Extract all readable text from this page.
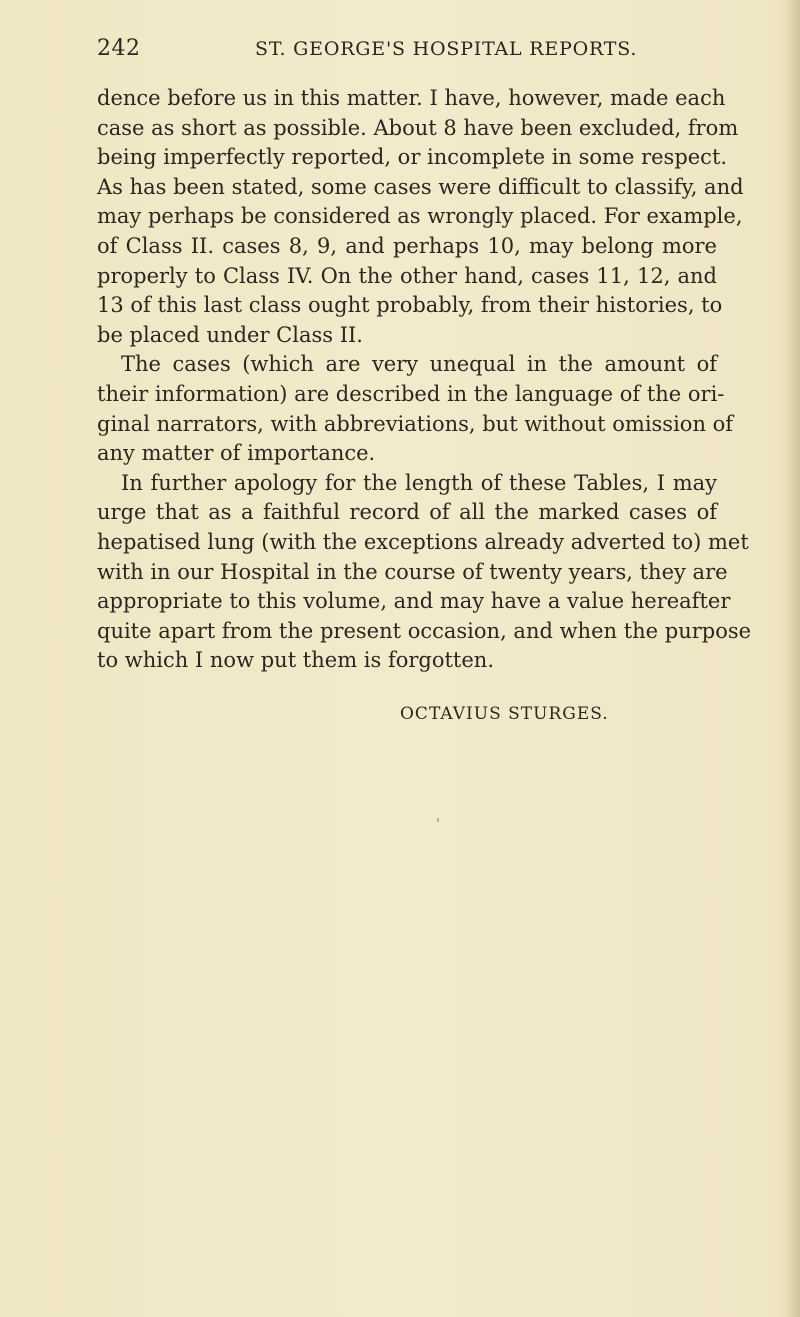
242	ST. GEORGE'S HOSPITAL REPORTS.
dence before us in this matter. I have, however, made each
case as short as possible. About 8 have been excluded, from
being imperfectly reported, or incomplete in some respect.
As has been stated, some cases were difficult to classify, and
may perhaps be considered as wrongly placed. For example,
of Class II. cases 8, 9, and perhaps 10, may belong more
properly to Class IV. On the other hand, cases 11, 12, and
13 of this last class ought probably, from their histories, to
be placed under Class II.
The cases (which are very unequal in the amount of
their information) are described in the language of the ori-
ginal narrators, with abbreviations, but without omission of
any matter of importance.
In further apology for the length of these Tables, I may
urge that as a faithful record of all the marked cases of
hepatised lung (with the exceptions already adverted to) met
with in our Hospital in the course of twenty years, they are
appropriate to this volume, and may have a value hereafter
quite apart from the present occasion, and when the purpose
to which I now put them is forgotten.
OCTAVIUS STURGES.
